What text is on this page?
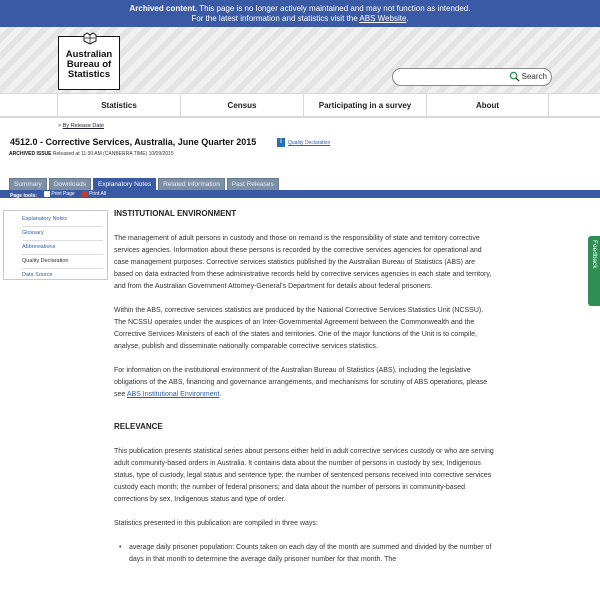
Archived content. This page is no longer actively maintained and may not function as intended.
For the latest information and statistics visit the ABS Website.
Australian
Bureau of
Statistics	Search
Statistics	Census	Participating in a survey	About
> By Release Date
4512.0 - Corrective Services, Australia, June Quarter 2015	i	Quality Declaration
ARCHIVED ISSUE Released at 11:30 AM (CANBERRA TIME) 10/09/2015
Summary	Downloads	Explanatory Notes	Related Information	Past Releases
Page tools:	Print Page
	Print All
Explanatory Notes
Glossary
Abbreviations
Quality Declaration
Data Source
INSTITUTIONAL ENVIRONMENT

The management of adult persons in custody and those on remand is the responsibility of state and territory corrective services agencies. Information about these persons is recorded by the corrective services agencies for operational and case management purposes. Corrective services statistics published by the Australian Bureau of Statistics (ABS) are based on data extracted from these administrative records held by corrective services agencies in each state and territory, and from the Australian Government Attorney-General's Department for details about federal prisoners.

Within the ABS, corrective services statistics are produced by the National Corrective Services Statistics Unit (NCSSU). The NCSSU operates under the auspices of an Inter-Governmental Agreement between the Commonwealth and the Corrective Services Ministers of each of the states and territories. One of the major functions of the Unit is to compile, analyse, publish and disseminate nationally comparable corrective services statistics.

For information on the institutional environment of the Australian Bureau of Statistics (ABS), including the legislative obligations of the ABS, financing and governance arrangements, and mechanisms for scrutiny of ABS operations, please see ABS Institutional Environment.

RELEVANCE

This publication presents statistical series about persons either held in adult corrective services custody or who are serving adult community-based orders in Australia. It contains data about the number of persons in custody by sex, Indigenous status, type of custody, legal status and sentence type; the number of sentenced persons received into corrective services custody each month; the number of federal prisoners; and data about the number of persons in community-based corrections by sex, Indigenous status and type of order.

Statistics presented in this publication are compiled in three ways:

• average daily prisoner population: Counts taken on each day of the month are summed and divided by the number of days in that month to determine the average daily prisoner number for that month. The
Feedback
